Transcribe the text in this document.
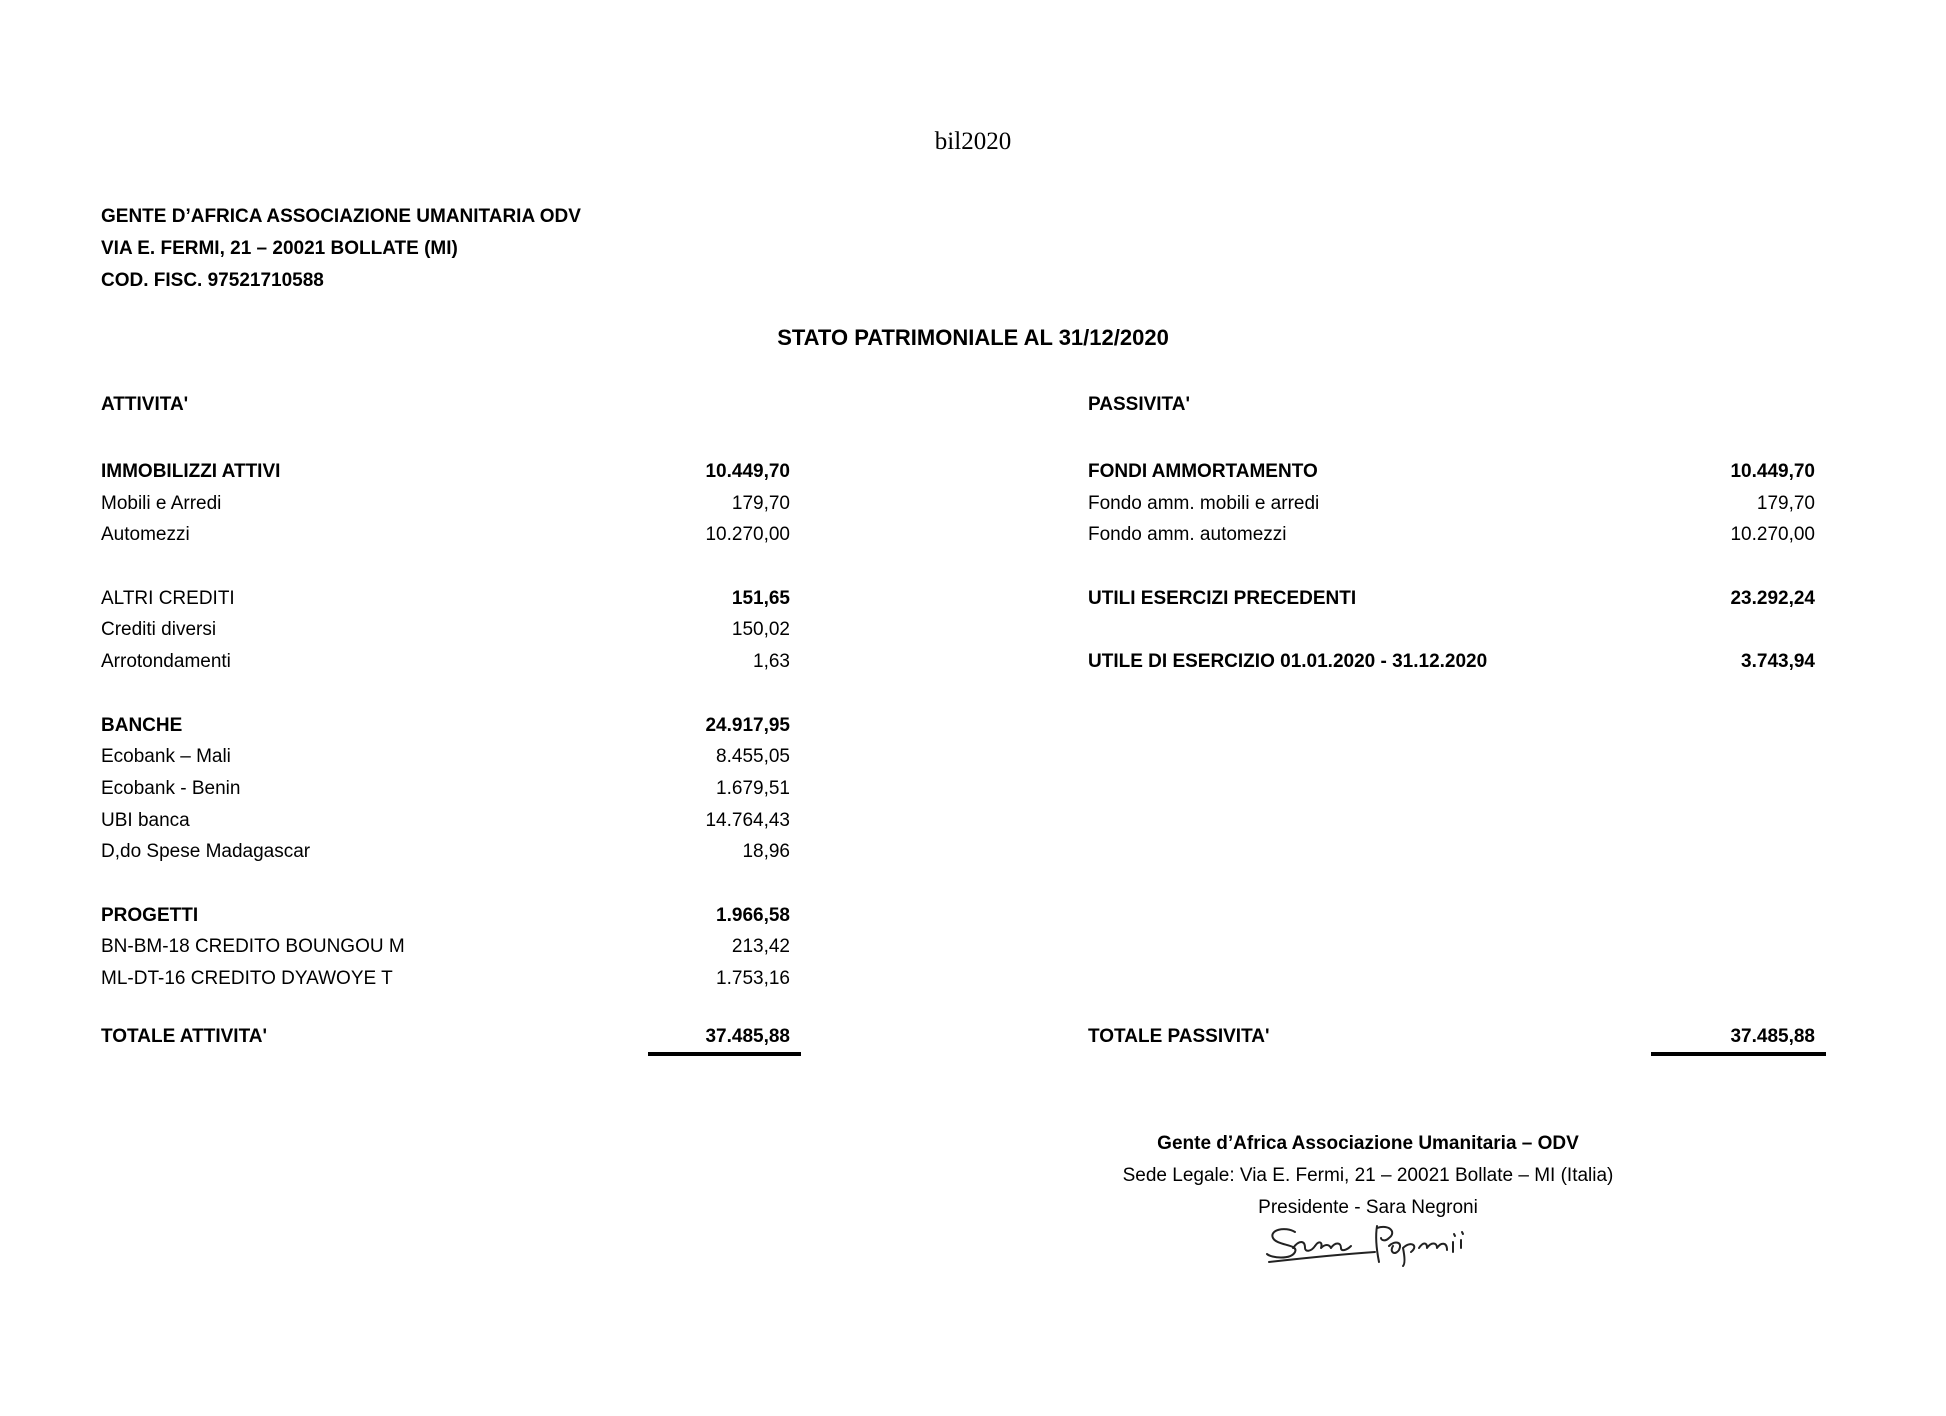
bil2020
GENTE D’AFRICA ASSOCIAZIONE UMANITARIA ODV
VIA E. FERMI, 21 – 20021 BOLLATE (MI)
COD. FISC. 97521710588
STATO PATRIMONIALE AL 31/12/2020
ATTIVITA'	PASSIVITA'
IMMOBILIZZI ATTIVI	10.449,70
Mobili e Arredi	179,70
Automezzi	10.270,00
ALTRI CREDITI	151,65
Crediti diversi	150,02
Arrotondamenti	1,63
BANCHE	24.917,95
Ecobank – Mali	8.455,05
Ecobank - Benin	1.679,51
UBI banca	14.764,43
D,do Spese Madagascar	18,96
PROGETTI	1.966,58
BN-BM-18 CREDITO BOUNGOU M	213,42
ML-DT-16 CREDITO DYAWOYE T	1.753,16
FONDI AMMORTAMENTO	10.449,70
Fondo amm. mobili e arredi	179,70
Fondo amm. automezzi	10.270,00
UTILI ESERCIZI PRECEDENTI	23.292,24
UTILE DI ESERCIZIO 01.01.2020 - 31.12.2020	3.743,94
TOTALE ATTIVITA'	37.485,88	TOTALE PASSIVITA'	37.485,88
Gente d’Africa Associazione Umanitaria – ODV
Sede Legale: Via E. Fermi, 21 – 20021 Bollate – MI (Italia)
Presidente - Sara Negroni
